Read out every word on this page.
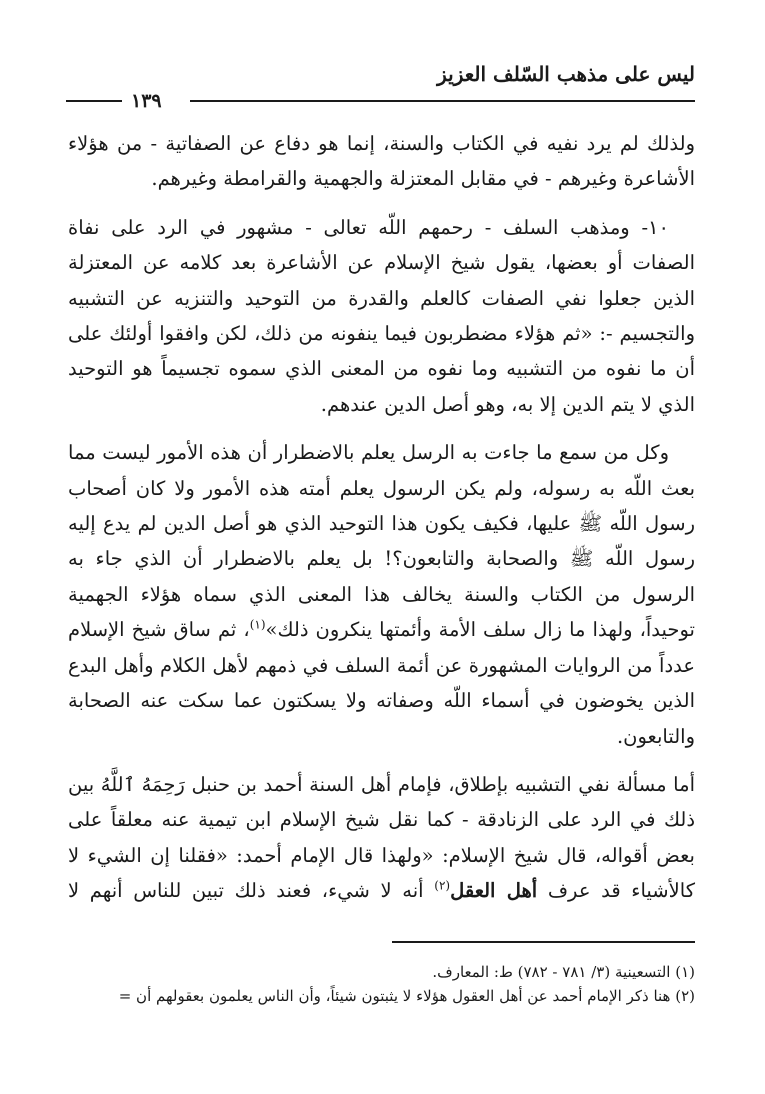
ليس على مذهب السّلف العزيز
١٣٩

ولذلك لم يرد نفيه في الكتاب والسنة، إنما هو دفاع عن الصفاتية - من هؤلاء الأشاعرة وغيرهم - في مقابل المعتزلة والجهمية والقرامطة وغيرهم.

١٠- ومذهب السلف - رحمهم اللّه تعالى - مشهور في الرد على نفاة الصفات أو بعضها، يقول شيخ الإسلام عن الأشاعرة بعد كلامه عن المعتزلة الذين جعلوا نفي الصفات كالعلم والقدرة من التوحيد والتنزيه عن التشبيه والتجسيم -: «ثم هؤلاء مضطربون فيما ينفونه من ذلك، لكن وافقوا أولئك على أن ما نفوه من التشبيه وما نفوه من المعنى الذي سموه تجسيماً هو التوحيد الذي لا يتم الدين إلا به، وهو أصل الدين عندهم.

وكل من سمع ما جاءت به الرسل يعلم بالاضطرار أن هذه الأمور ليست مما بعث اللّه به رسوله، ولم يكن الرسول يعلم أمته هذه الأمور ولا كان أصحاب رسول اللّه ﷺ عليها، فكيف يكون هذا التوحيد الذي هو أصل الدين لم يدع إليه رسول اللّه ﷺ والصحابة والتابعون؟! بل يعلم بالاضطرار أن الذي جاء به الرسول من الكتاب والسنة يخالف هذا المعنى الذي سماه هؤلاء الجهمية توحيداً، ولهذا ما زال سلف الأمة وأئمتها ينكرون ذلك»$^{(١)}$، ثم ساق شيخ الإسلام عدداً من الروايات المشهورة عن أئمة السلف في ذمهم لأهل الكلام وأهل البدع الذين يخوضون في أسماء اللّه وصفاته ولا يسكتون عما سكت عنه الصحابة والتابعون.

أما مسألة نفي التشبيه بإطلاق، فإمام أهل السنة أحمد بن حنبل رَحِمَهُ ٱللَّهُ بين ذلك في الرد على الزنادقة - كما نقل شيخ الإسلام ابن تيمية عنه معلقاً على بعض أقواله، قال شيخ الإسلام: «ولهذا قال الإمام أحمد: «فقلنا إن الشيء لا كالأشياء قد عرف أهل العقل$^{(٢)}$ أنه لا شيء، فعند ذلك تبين للناس أنهم لا

(١) التسعينية (٣/ ٧٨١ - ٧٨٢) ط: المعارف.

(٢) هنا ذكر الإمام أحمد عن أهل العقول هؤلاء لا يثبتون شيئاً، وأن الناس يعلمون بعقولهم أن =
